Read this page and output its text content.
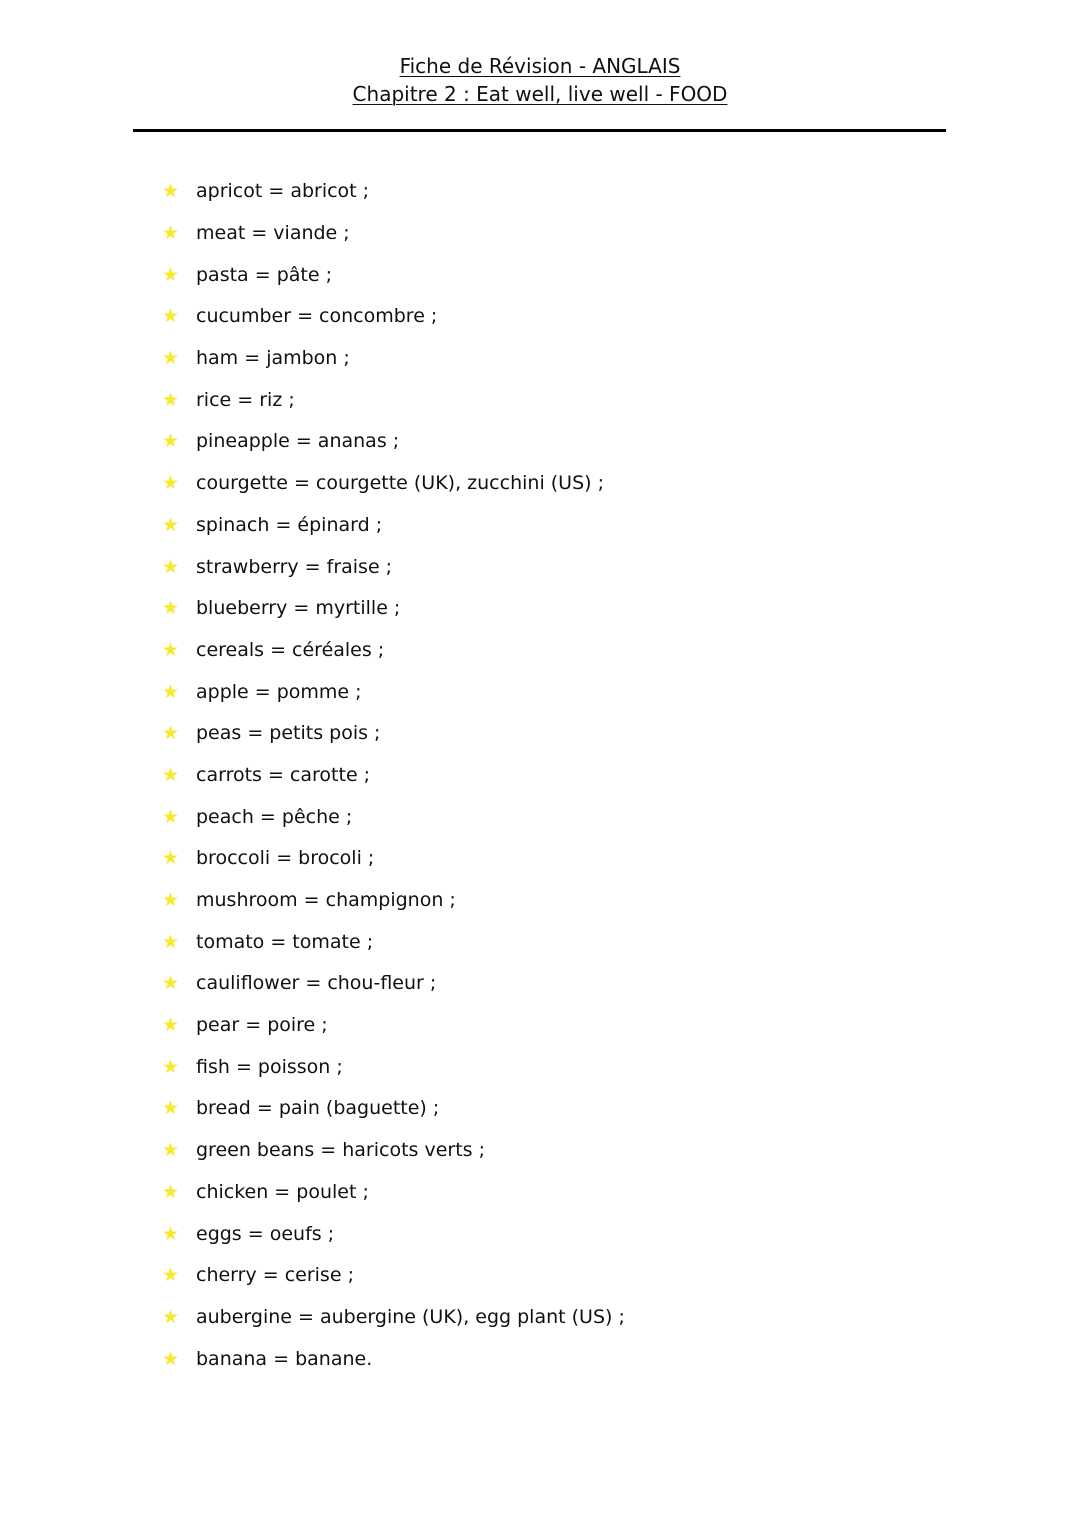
Fiche de Révision - ANGLAIS
Chapitre 2 : Eat well, live well - FOOD
★ apricot = abricot ;
★ meat = viande ;
★ pasta = pâte ;
★ cucumber = concombre ;
★ ham = jambon ;
★ rice = riz ;
★ pineapple = ananas ;
★ courgette = courgette (UK), zucchini (US) ;
★ spinach = épinard ;
★ strawberry = fraise ;
★ blueberry = myrtille ;
★ cereals = céréales ;
★ apple = pomme ;
★ peas = petits pois ;
★ carrots = carotte ;
★ peach = pêche ;
★ broccoli = brocoli ;
★ mushroom = champignon ;
★ tomato = tomate ;
★ cauliflower = chou-fleur ;
★ pear = poire ;
★ fish = poisson ;
★ bread = pain (baguette) ;
★ green beans = haricots verts ;
★ chicken = poulet ;
★ eggs = oeufs ;
★ cherry = cerise ;
★ aubergine = aubergine (UK), egg plant (US) ;
★ banana = banane.
